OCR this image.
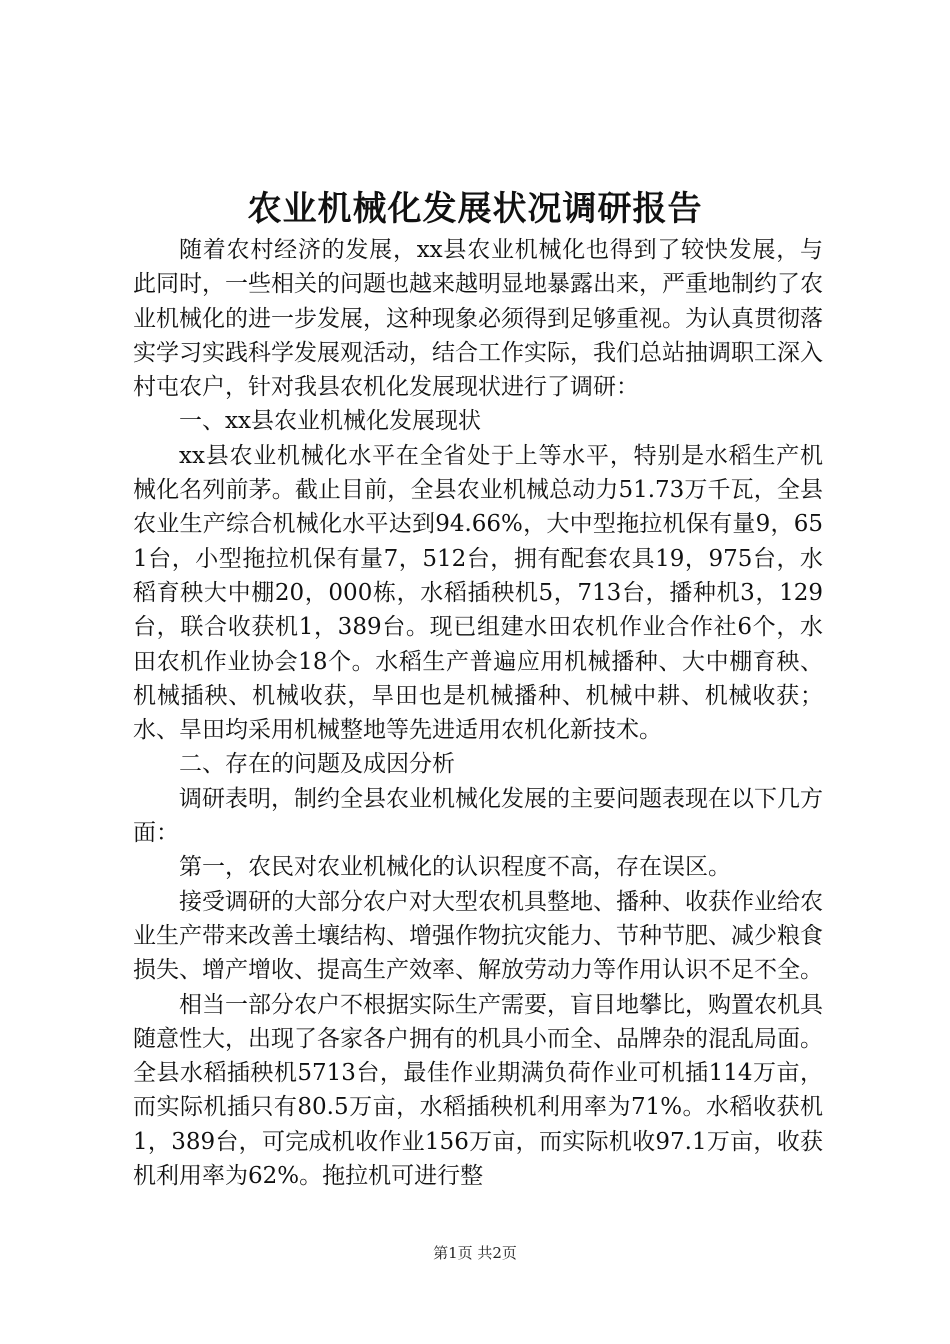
农业机械化发展状况调研报告

随着农村经济的发展，xx县农业机械化也得到了较快发展，与此同时，一些相关的问题也越来越明显地暴露出来，严重地制约了农业机械化的进一步发展，这种现象必须得到足够重视。为认真贯彻落实学习实践科学发展观活动，结合工作实际，我们总站抽调职工深入村屯农户，针对我县农机化发展现状进行了调研：

一、xx县农业机械化发展现状

xx县农业机械化水平在全省处于上等水平，特别是水稻生产机械化名列前茅。截止目前，全县农业机械总动力51.73万千瓦，全县农业生产综合机械化水平达到94.66%，大中型拖拉机保有量9，651台，小型拖拉机保有量7，512台，拥有配套农具19，975台，水稻育秧大中棚20，000栋，水稻插秧机5，713台，播种机3，129台，联合收获机1，389台。现已组建水田农机作业合作社6个，水田农机作业协会18个。水稻生产普遍应用机械播种、大中棚育秧、机械插秧、机械收获，旱田也是机械播种、机械中耕、机械收获；水、旱田均采用机械整地等先进适用农机化新技术。

二、存在的问题及成因分析

调研表明，制约全县农业机械化发展的主要问题表现在以下几方面：

第一，农民对农业机械化的认识程度不高，存在误区。

接受调研的大部分农户对大型农机具整地、播种、收获作业给农业生产带来改善土壤结构、增强作物抗灾能力、节种节肥、减少粮食损失、增产增收、提高生产效率、解放劳动力等作用认识不足不全。

相当一部分农户不根据实际生产需要，盲目地攀比，购置农机具随意性大，出现了各家各户拥有的机具小而全、品牌杂的混乱局面。全县水稻插秧机5713台，最佳作业期满负荷作业可机插114万亩，而实际机插只有80.5万亩，水稻插秧机利用率为71%。水稻收获机1，389台，可完成机收作业156万亩，而实际机收97.1万亩，收获机利用率为62%。拖拉机可进行整

第1页 共2页
